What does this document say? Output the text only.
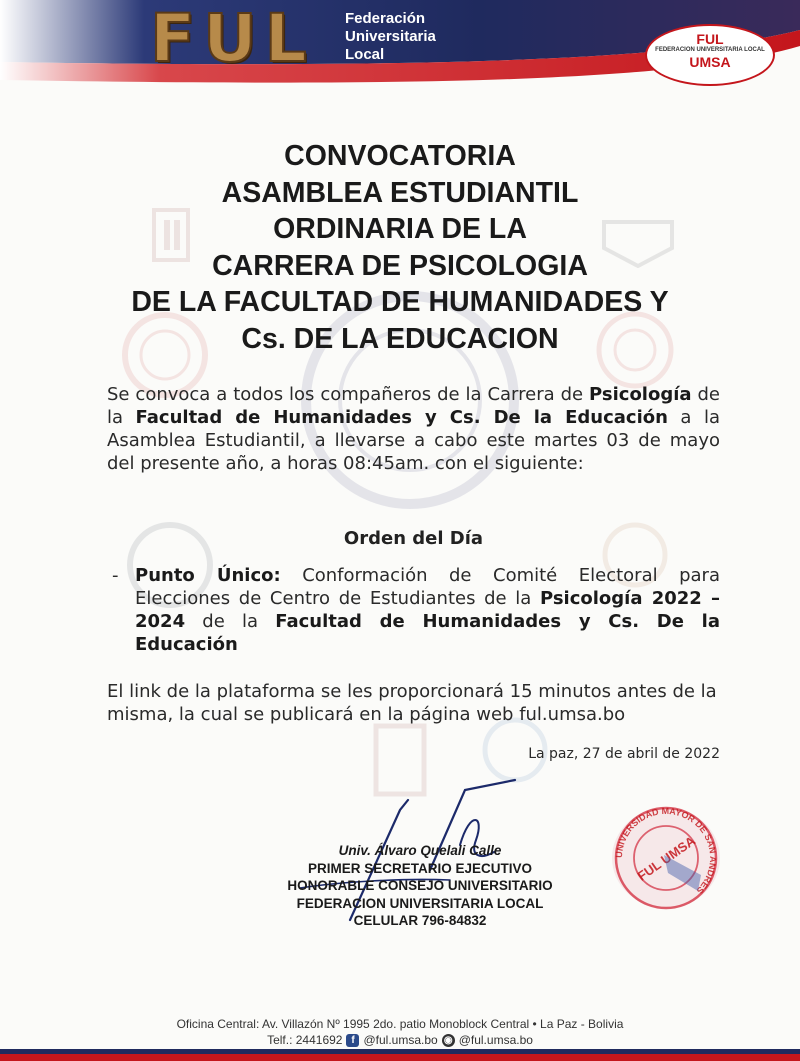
FUL Federación
Universitaria
Local
FUL
FEDERACION UNIVERSITARIA LOCAL
UMSA
CONVOCATORIA
ASAMBLEA ESTUDIANTIL
ORDINARIA DE LA
CARRERA DE PSICOLOGIA
DE LA FACULTAD DE HUMANIDADES Y
Cs. DE LA EDUCACION
Se convoca a todos los compañeros de la Carrera de Psicología de la Facultad de Humanidades y Cs. De la Educación a la Asamblea Estudiantil, a llevarse a cabo este martes 03 de mayo del presente año, a horas 08:45am. con el siguiente:
Orden del Día
- Punto Único: Conformación de Comité Electoral para Elecciones de Centro de Estudiantes de la Psicología 2022 – 2024 de la Facultad de Humanidades y Cs. De la Educación
El link de la plataforma se les proporcionará 15 minutos antes de la misma, la cual se publicará en la página web ful.umsa.bo
La paz, 27 de abril de 2022
Univ. Álvaro Quelali Calle
PRIMER SECRETARIO EJECUTIVO
HONORABLE CONSEJO UNIVERSITARIO
FEDERACION UNIVERSITARIA LOCAL
CELULAR 796-84832
UNIVERSIDAD MAYOR DE SAN ANDRES
FUL UMSA
Oficina Central: Av. Villazón Nº 1995 2do. patio Monoblock Central • La Paz - Bolivia
Telf.: 2441692 f @ful.umsa.bo ◉ @ful.umsa.bo
